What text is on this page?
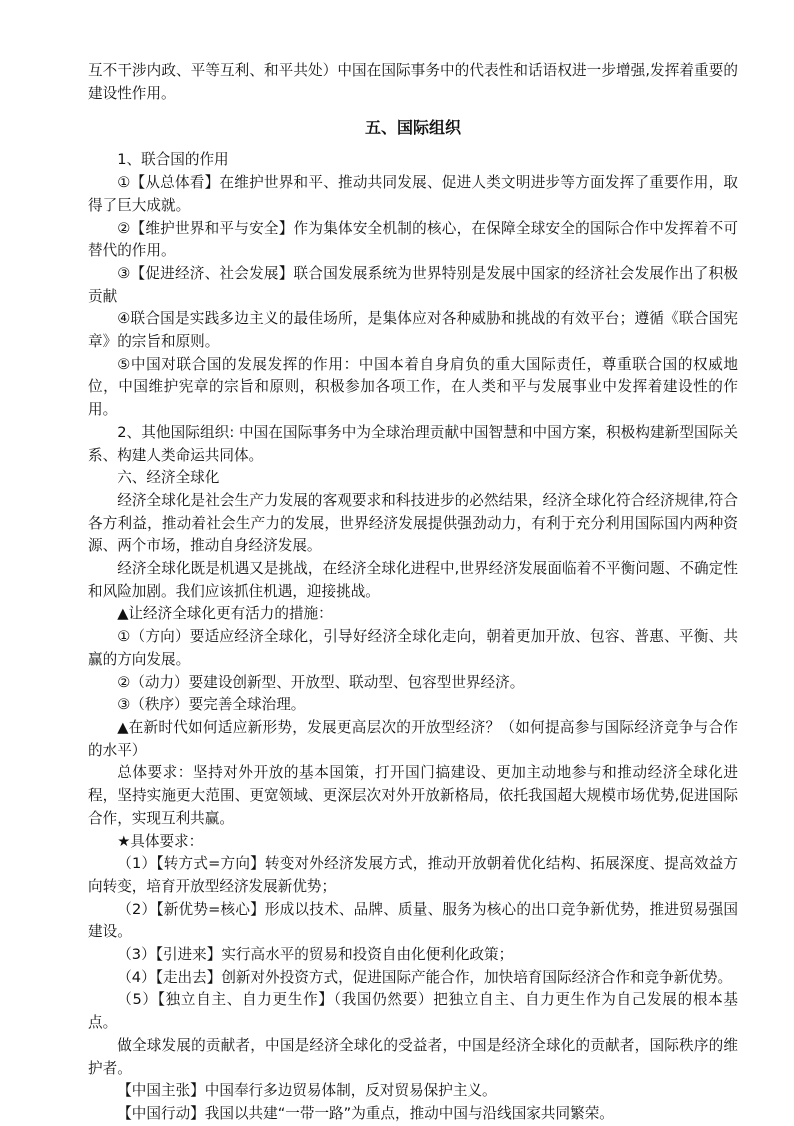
互不干涉内政、平等互利、和平共处）中国在国际事务中的代表性和话语权进一步增强,发挥着重要的建设性作用。

五、国际组织

1、联合国的作用

①【从总体看】在维护世界和平、推动共同发展、促进人类文明进步等方面发挥了重要作用，取得了巨大成就。

②【维护世界和平与安全】作为集体安全机制的核心，在保障全球安全的国际合作中发挥着不可替代的作用。

③【促进经济、社会发展】联合国发展系统为世界特别是发展中国家的经济社会发展作出了积极贡献

④联合国是实践多边主义的最佳场所，是集体应对各种威胁和挑战的有效平台；遵循《联合国宪章》的宗旨和原则。

⑤中国对联合国的发展发挥的作用：中国本着自身肩负的重大国际责任，尊重联合国的权威地位，中国维护宪章的宗旨和原则，积极参加各项工作，在人类和平与发展事业中发挥着建设性的作用。

2、其他国际组织: 中国在国际事务中为全球治理贡献中国智慧和中国方案，积极构建新型国际关系、构建人类命运共同体。

六、经济全球化

经济全球化是社会生产力发展的客观要求和科技进步的必然结果，经济全球化符合经济规律,符合各方利益，推动着社会生产力的发展，世界经济发展提供强劲动力，有利于充分利用国际国内两种资源、两个市场，推动自身经济发展。

经济全球化既是机遇又是挑战，在经济全球化进程中,世界经济发展面临着不平衡问题、不确定性和风险加剧。我们应该抓住机遇，迎接挑战。

▲让经济全球化更有活力的措施：

①（方向）要适应经济全球化，引导好经济全球化走向，朝着更加开放、包容、普惠、平衡、共赢的方向发展。

②（动力）要建设创新型、开放型、联动型、包容型世界经济。

③（秩序）要完善全球治理。

▲在新时代如何适应新形势，发展更高层次的开放型经济？（如何提高参与国际经济竞争与合作的水平）

总体要求：坚持对外开放的基本国策，打开国门搞建设、更加主动地参与和推动经济全球化进程，坚持实施更大范围、更宽领域、更深层次对外开放新格局，依托我国超大规模市场优势,促进国际合作，实现互利共赢。

★具体要求：

（1）【转方式=方向】转变对外经济发展方式，推动开放朝着优化结构、拓展深度、提高效益方向转变，培育开放型经济发展新优势；

（2）【新优势=核心】形成以技术、品牌、质量、服务为核心的出口竞争新优势，推进贸易强国建设。

（3）【引进来】实行高水平的贸易和投资自由化便利化政策；

（4）【走出去】创新对外投资方式，促进国际产能合作，加快培育国际经济合作和竞争新优势。

（5）【独立自主、自力更生作】（我国仍然要）把独立自主、自力更生作为自己发展的根本基点。

做全球发展的贡献者，中国是经济全球化的受益者，中国是经济全球化的贡献者，国际秩序的维护者。

【中国主张】中国奉行多边贸易体制，反对贸易保护主义。

【中国行动】我国以共建“一带一路”为重点，推动中国与沿线国家共同繁荣。
